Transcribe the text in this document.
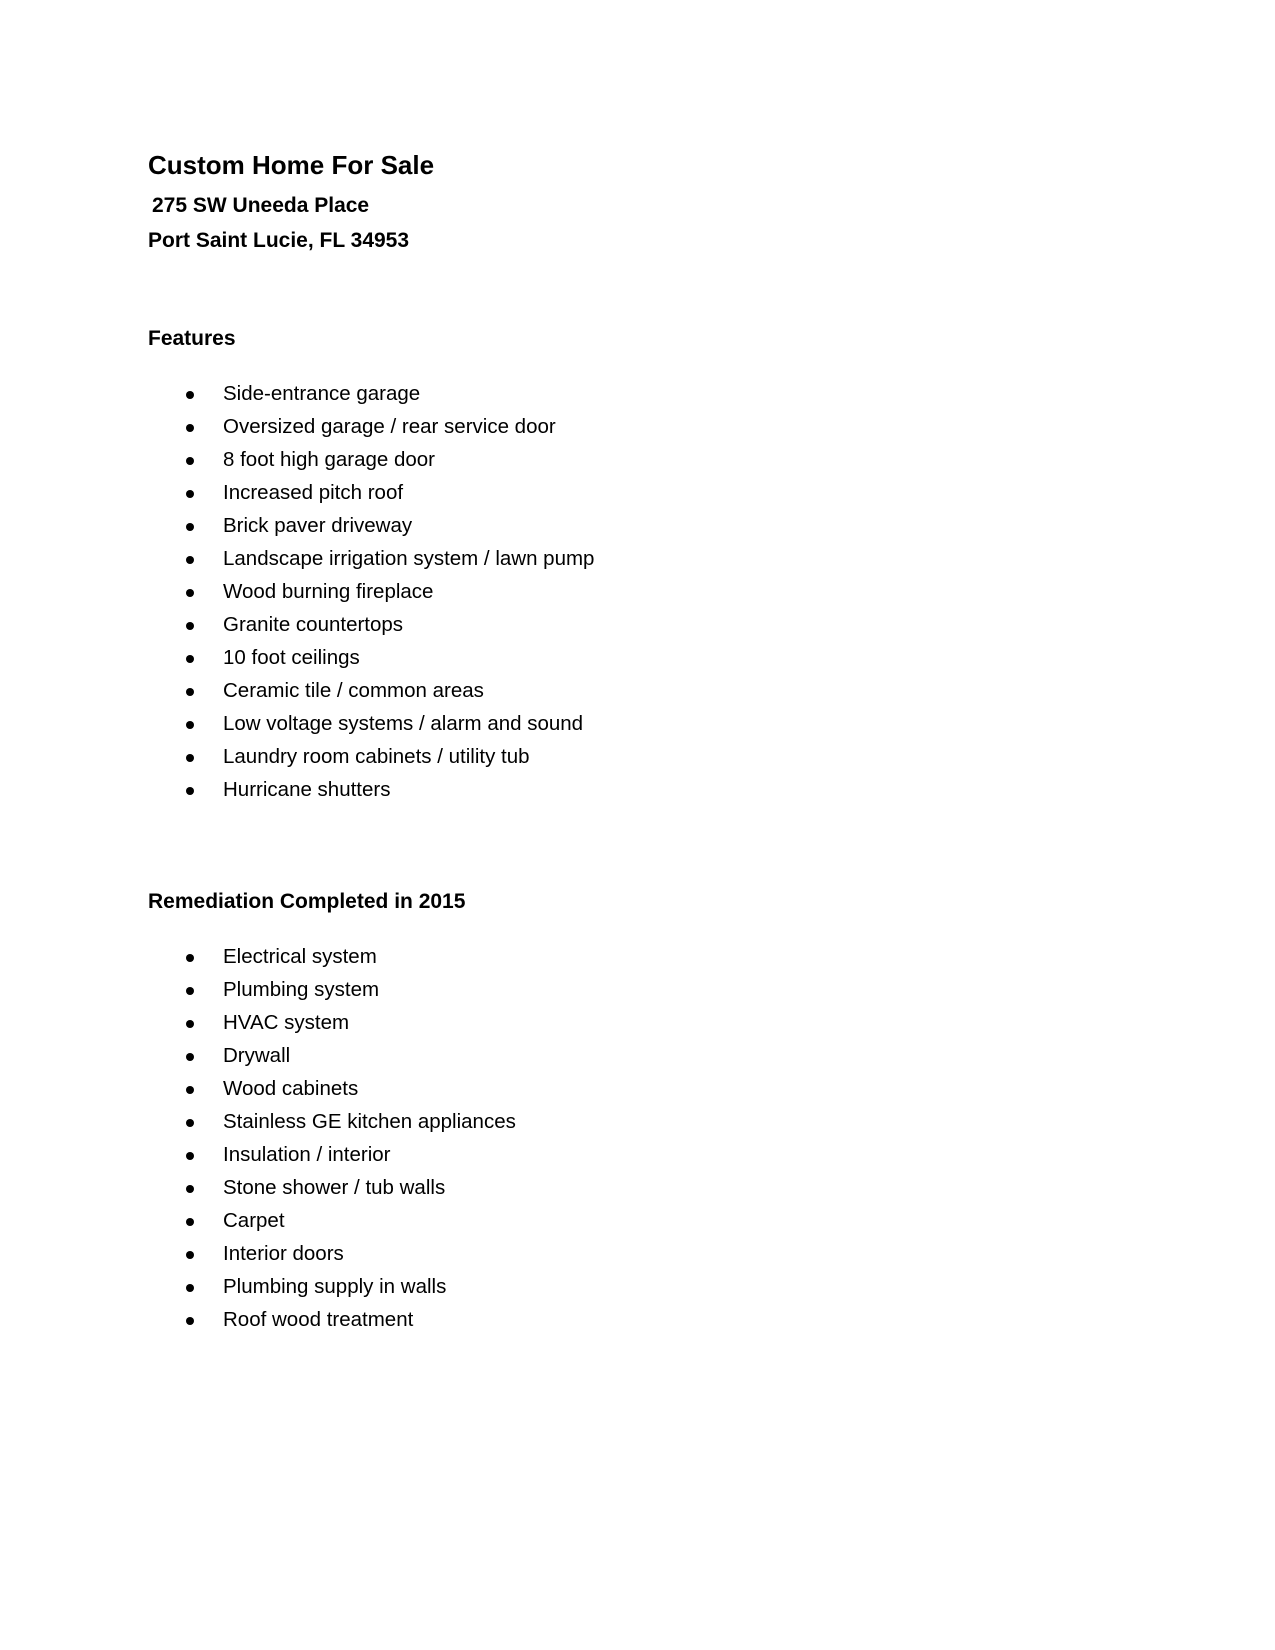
Custom Home For Sale

275 SW Uneeda Place

Port Saint Lucie, FL 34953

Features
Side-entrance garage
Oversized garage / rear service door
8 foot high garage door
Increased pitch roof
Brick paver driveway
Landscape irrigation system / lawn pump
Wood burning fireplace
Granite countertops
10 foot ceilings
Ceramic tile / common areas
Low voltage systems / alarm and sound
Laundry room cabinets / utility tub
Hurricane shutters
Remediation Completed in 2015
Electrical system
Plumbing system
HVAC system
Drywall
Wood cabinets
Stainless GE kitchen appliances
Insulation / interior
Stone shower / tub walls
Carpet
Interior doors
Plumbing supply in walls
Roof wood treatment
